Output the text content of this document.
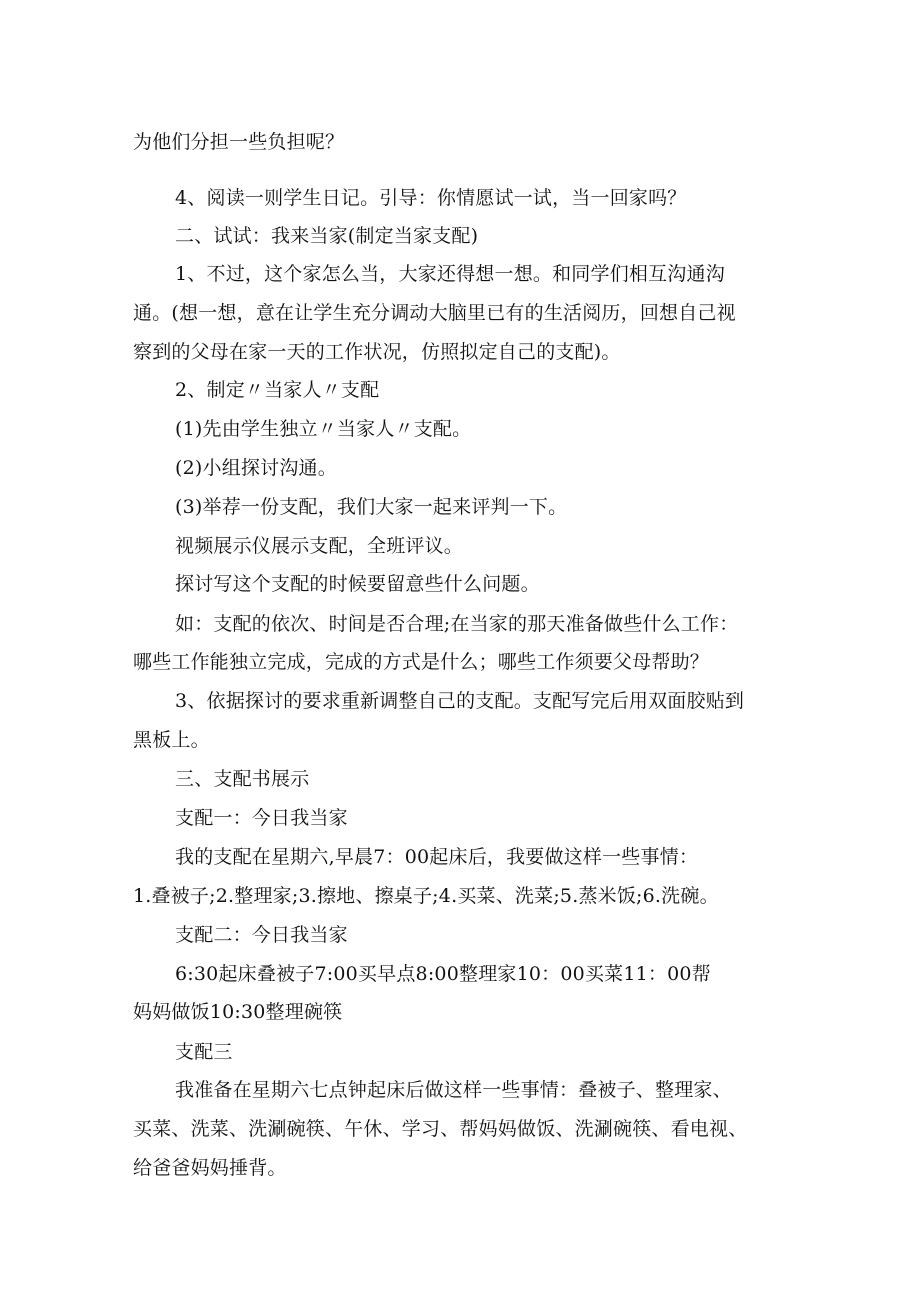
为他们分担一些负担呢？
4、阅读一则学生日记。引导：你情愿试一试，当一回家吗？
二、试试：我来当家(制定当家支配)
1、不过，这个家怎么当，大家还得想一想。和同学们相互沟通沟
通。(想一想，意在让学生充分调动大脑里已有的生活阅历，回想自己视
察到的父母在家一天的工作状况，仿照拟定自己的支配)。
2、制定〃当家人〃支配
(1)先由学生独立〃当家人〃支配。
(2)小组探讨沟通。
(3)举荐一份支配，我们大家一起来评判一下。
视频展示仪展示支配，全班评议。
探讨写这个支配的时候要留意些什么问题。
如：支配的依次、时间是否合理;在当家的那天准备做些什么工作：
哪些工作能独立完成，完成的方式是什么；哪些工作须要父母帮助？
3、依据探讨的要求重新调整自己的支配。支配写完后用双面胶贴到
黑板上。
三、支配书展示
支配一：今日我当家
我的支配在星期六,早晨7：00起床后，我要做这样一些事情：
1.叠被子;2.整理家;3.擦地、擦桌子;4.买菜、洗菜;5.蒸米饭;6.洗碗。
支配二：今日我当家
6:30起床叠被子7:00买早点8:00整理家10：00买菜11：00帮
妈妈做饭10:30整理碗筷
支配三
我准备在星期六七点钟起床后做这样一些事情：叠被子、整理家、
买菜、洗菜、洗涮碗筷、午休、学习、帮妈妈做饭、洗涮碗筷、看电视、
给爸爸妈妈捶背。
